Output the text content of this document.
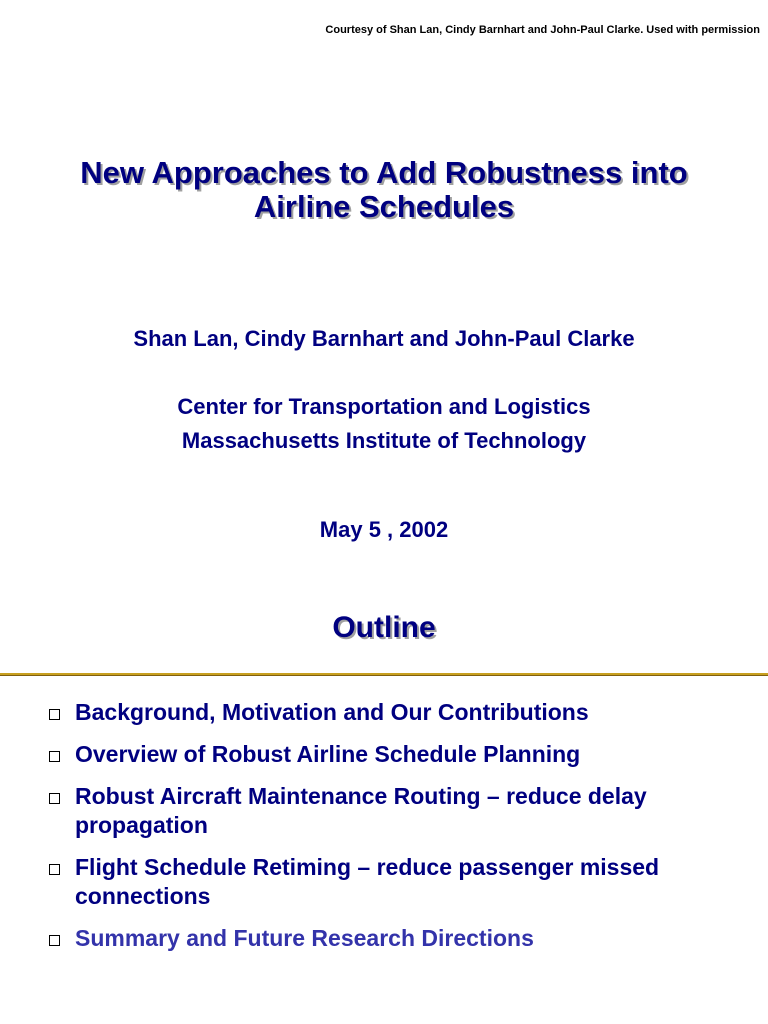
Courtesy of Shan Lan, Cindy Barnhart and John-Paul Clarke. Used with permission
New Approaches to Add Robustness into
Airline Schedules
Shan Lan, Cindy Barnhart and John-Paul Clarke
Center for Transportation and Logistics
Massachusetts Institute of Technology
May 5 , 2002
Outline
Background, Motivation and Our Contributions
Overview of Robust Airline Schedule Planning
Robust Aircraft Maintenance Routing – reduce delay propagation
Flight Schedule Retiming – reduce passenger missed connections
Summary and Future Research Directions
